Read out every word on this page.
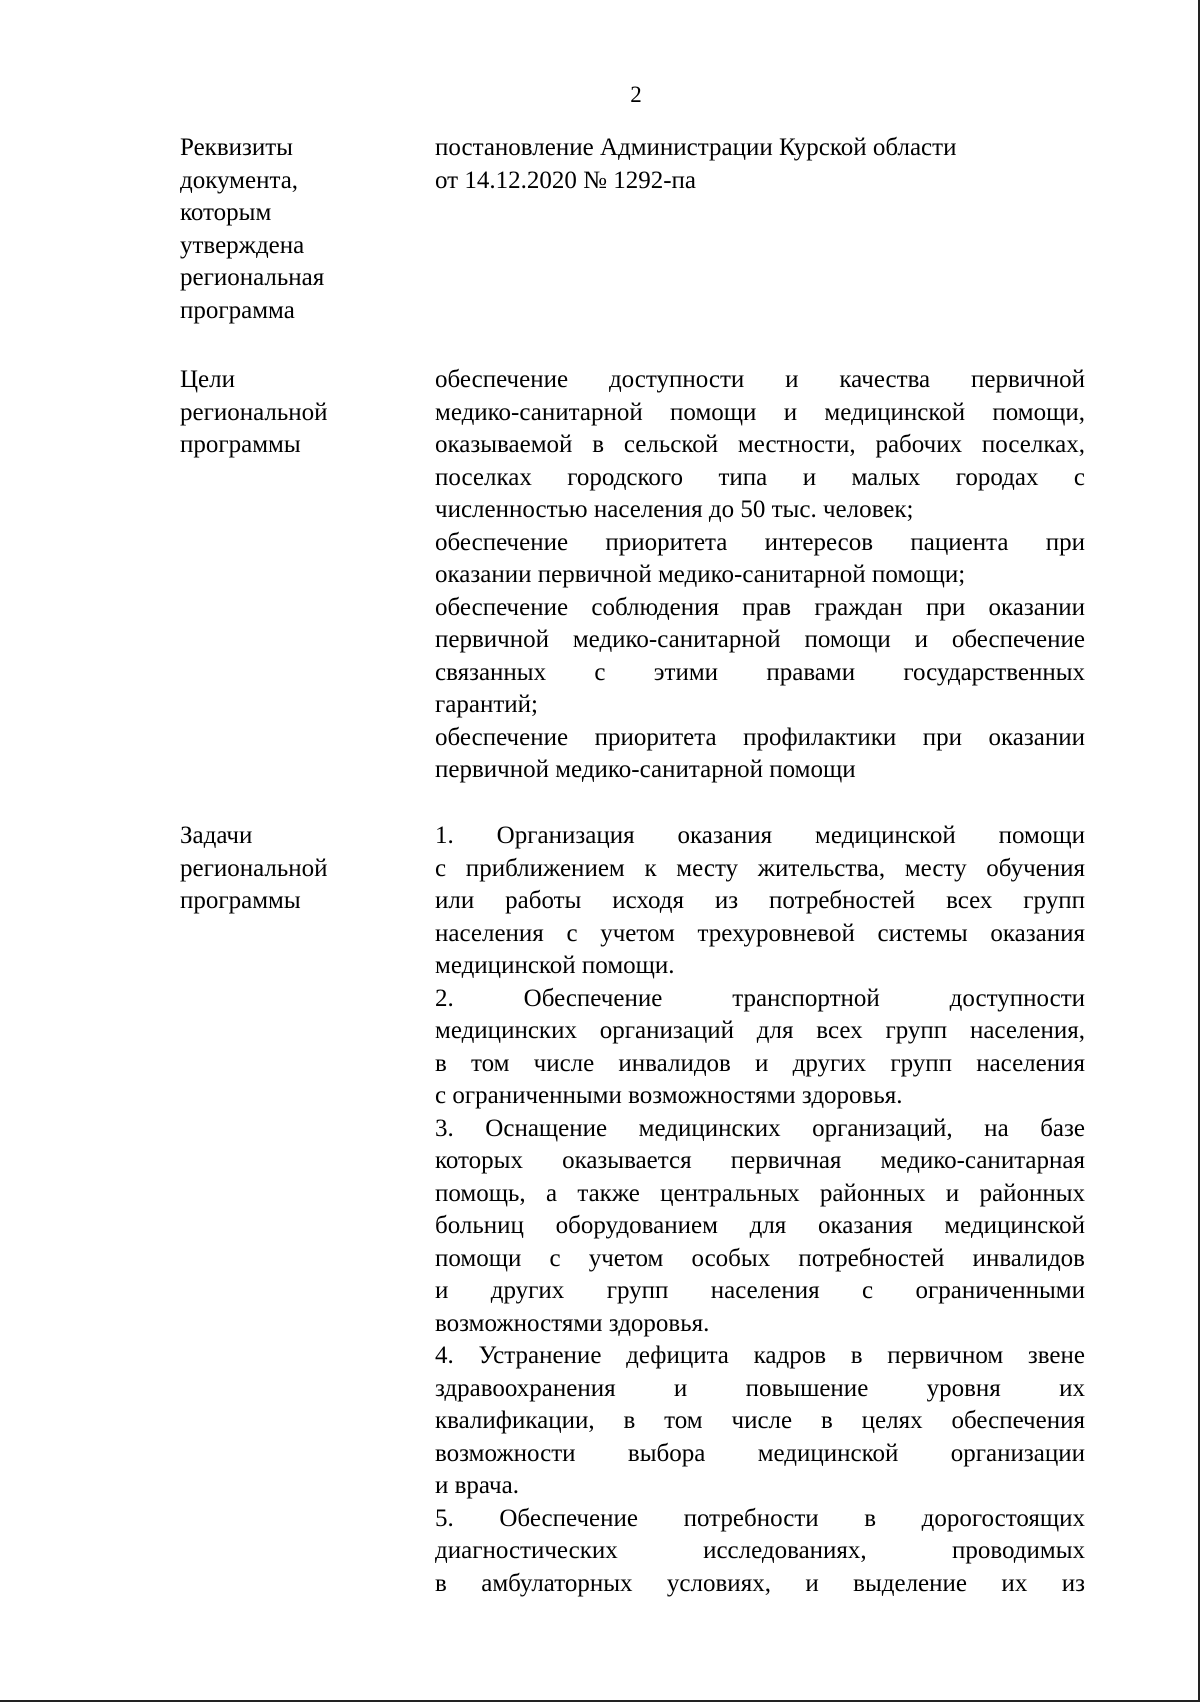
2
Реквизиты
документа,
которым
утверждена
региональная
программа
постановление Администрации Курской области
от 14.12.2020 № 1292-па
Цели
региональной
программы
обеспечение доступности и качества первичной
медико-санитарной помощи и медицинской помощи,
оказываемой в сельской местности, рабочих поселках,
поселках городского типа и малых городах с
численностью населения до 50 тыс. человек;
обеспечение приоритета интересов пациента при
оказании первичной медико-санитарной помощи;
обеспечение соблюдения прав граждан при оказании
первичной медико-санитарной помощи и обеспечение
связанных с этими правами государственных
гарантий;
обеспечение приоритета профилактики при оказании
первичной медико-санитарной помощи
Задачи
региональной
программы
1. Организация оказания медицинской помощи
с приближением к месту жительства, месту обучения
или работы исходя из потребностей всех групп
населения с учетом трехуровневой системы оказания
медицинской помощи.
2. Обеспечение транспортной доступности
медицинских организаций для всех групп населения,
в том числе инвалидов и других групп населения
с ограниченными возможностями здоровья.
3. Оснащение медицинских организаций, на базе
которых оказывается первичная медико-санитарная
помощь, а также центральных районных и районных
больниц оборудованием для оказания медицинской
помощи с учетом особых потребностей инвалидов
и других групп населения с ограниченными
возможностями здоровья.
4. Устранение дефицита кадров в первичном звене
здравоохранения и повышение уровня их
квалификации, в том числе в целях обеспечения
возможности выбора медицинской организации
и врача.
5. Обеспечение потребности в дорогостоящих
диагностических исследованиях, проводимых
в амбулаторных условиях, и выделение их из
